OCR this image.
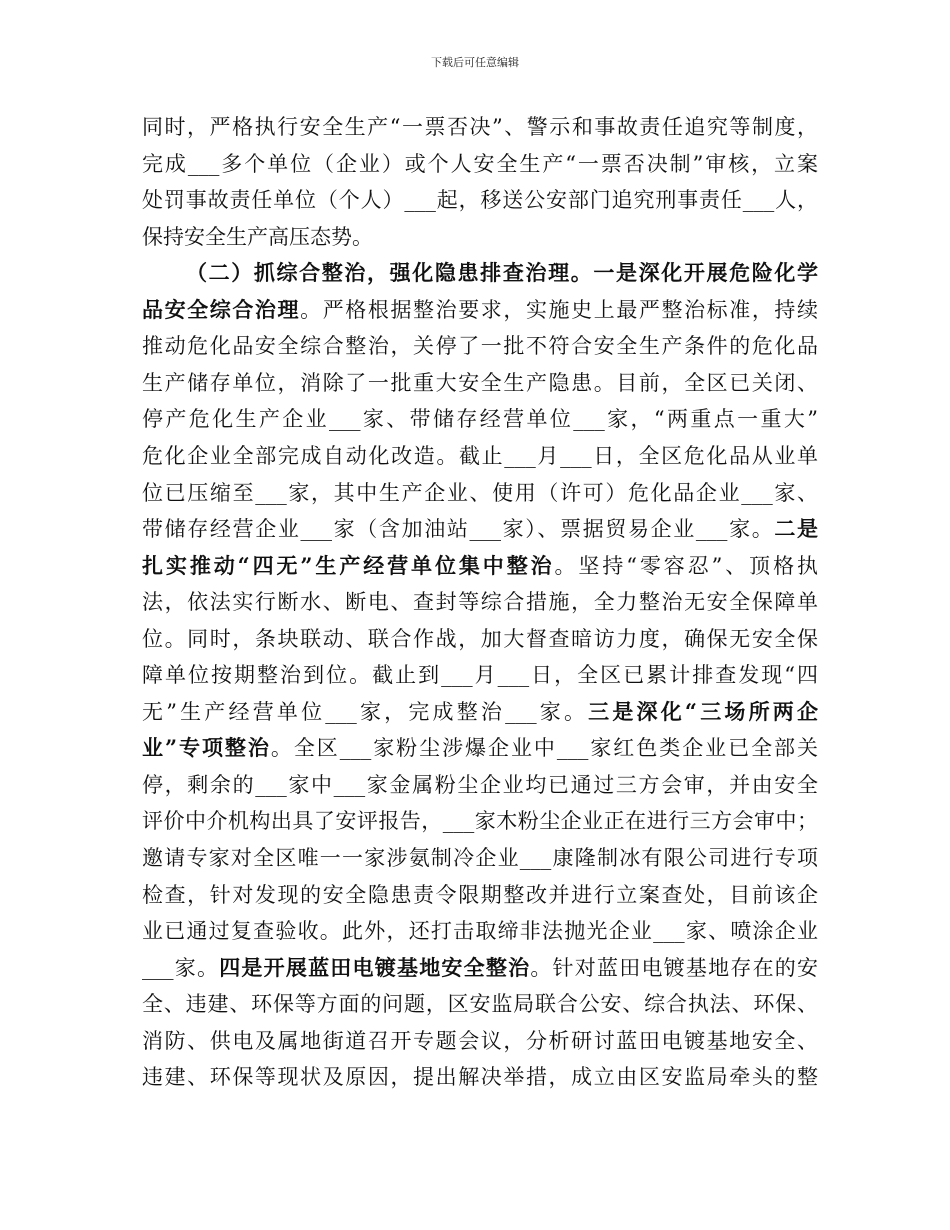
下载后可任意编辑
同时，严格执行安全生产“一票否决”、警示和事故责任追究等制度，
完成___多个单位（企业）或个人安全生产“一票否决制”审核，立案
处罚事故责任单位（个人）___起，移送公安部门追究刑事责任___人，
保持安全生产高压态势。
（二）抓综合整治，强化隐患排查治理。一是深化开展危险化学
品安全综合治理。严格根据整治要求，实施史上最严整治标准，持续
推动危化品安全综合整治，关停了一批不符合安全生产条件的危化品
生产储存单位，消除了一批重大安全生产隐患。目前，全区已关闭、
停产危化生产企业___家、带储存经营单位___家，“两重点一重大”
危化企业全部完成自动化改造。截止___月___日，全区危化品从业单
位已压缩至___家，其中生产企业、使用（许可）危化品企业___家、
带储存经营企业___家（含加油站___家）、票据贸易企业___家。二是
扎实推动“四无”生产经营单位集中整治。坚持“零容忍”、顶格执
法，依法实行断水、断电、查封等综合措施，全力整治无安全保障单
位。同时，条块联动、联合作战，加大督查暗访力度，确保无安全保
障单位按期整治到位。截止到___月___日，全区已累计排查发现“四
无”生产经营单位___家，完成整治___家。三是深化“三场所两企
业”专项整治。全区___家粉尘涉爆企业中___家红色类企业已全部关
停，剩余的___家中___家金属粉尘企业均已通过三方会审，并由安全
评价中介机构出具了安评报告，___家木粉尘企业正在进行三方会审中；
邀请专家对全区唯一一家涉氨制冷企业___康隆制冰有限公司进行专项
检查，针对发现的安全隐患责令限期整改并进行立案查处，目前该企
业已通过复查验收。此外，还打击取缔非法抛光企业___家、喷涂企业
___家。四是开展蓝田电镀基地安全整治。针对蓝田电镀基地存在的安
全、违建、环保等方面的问题，区安监局联合公安、综合执法、环保、
消防、供电及属地街道召开专题会议，分析研讨蓝田电镀基地安全、
违建、环保等现状及原因，提出解决举措，成立由区安监局牵头的整
